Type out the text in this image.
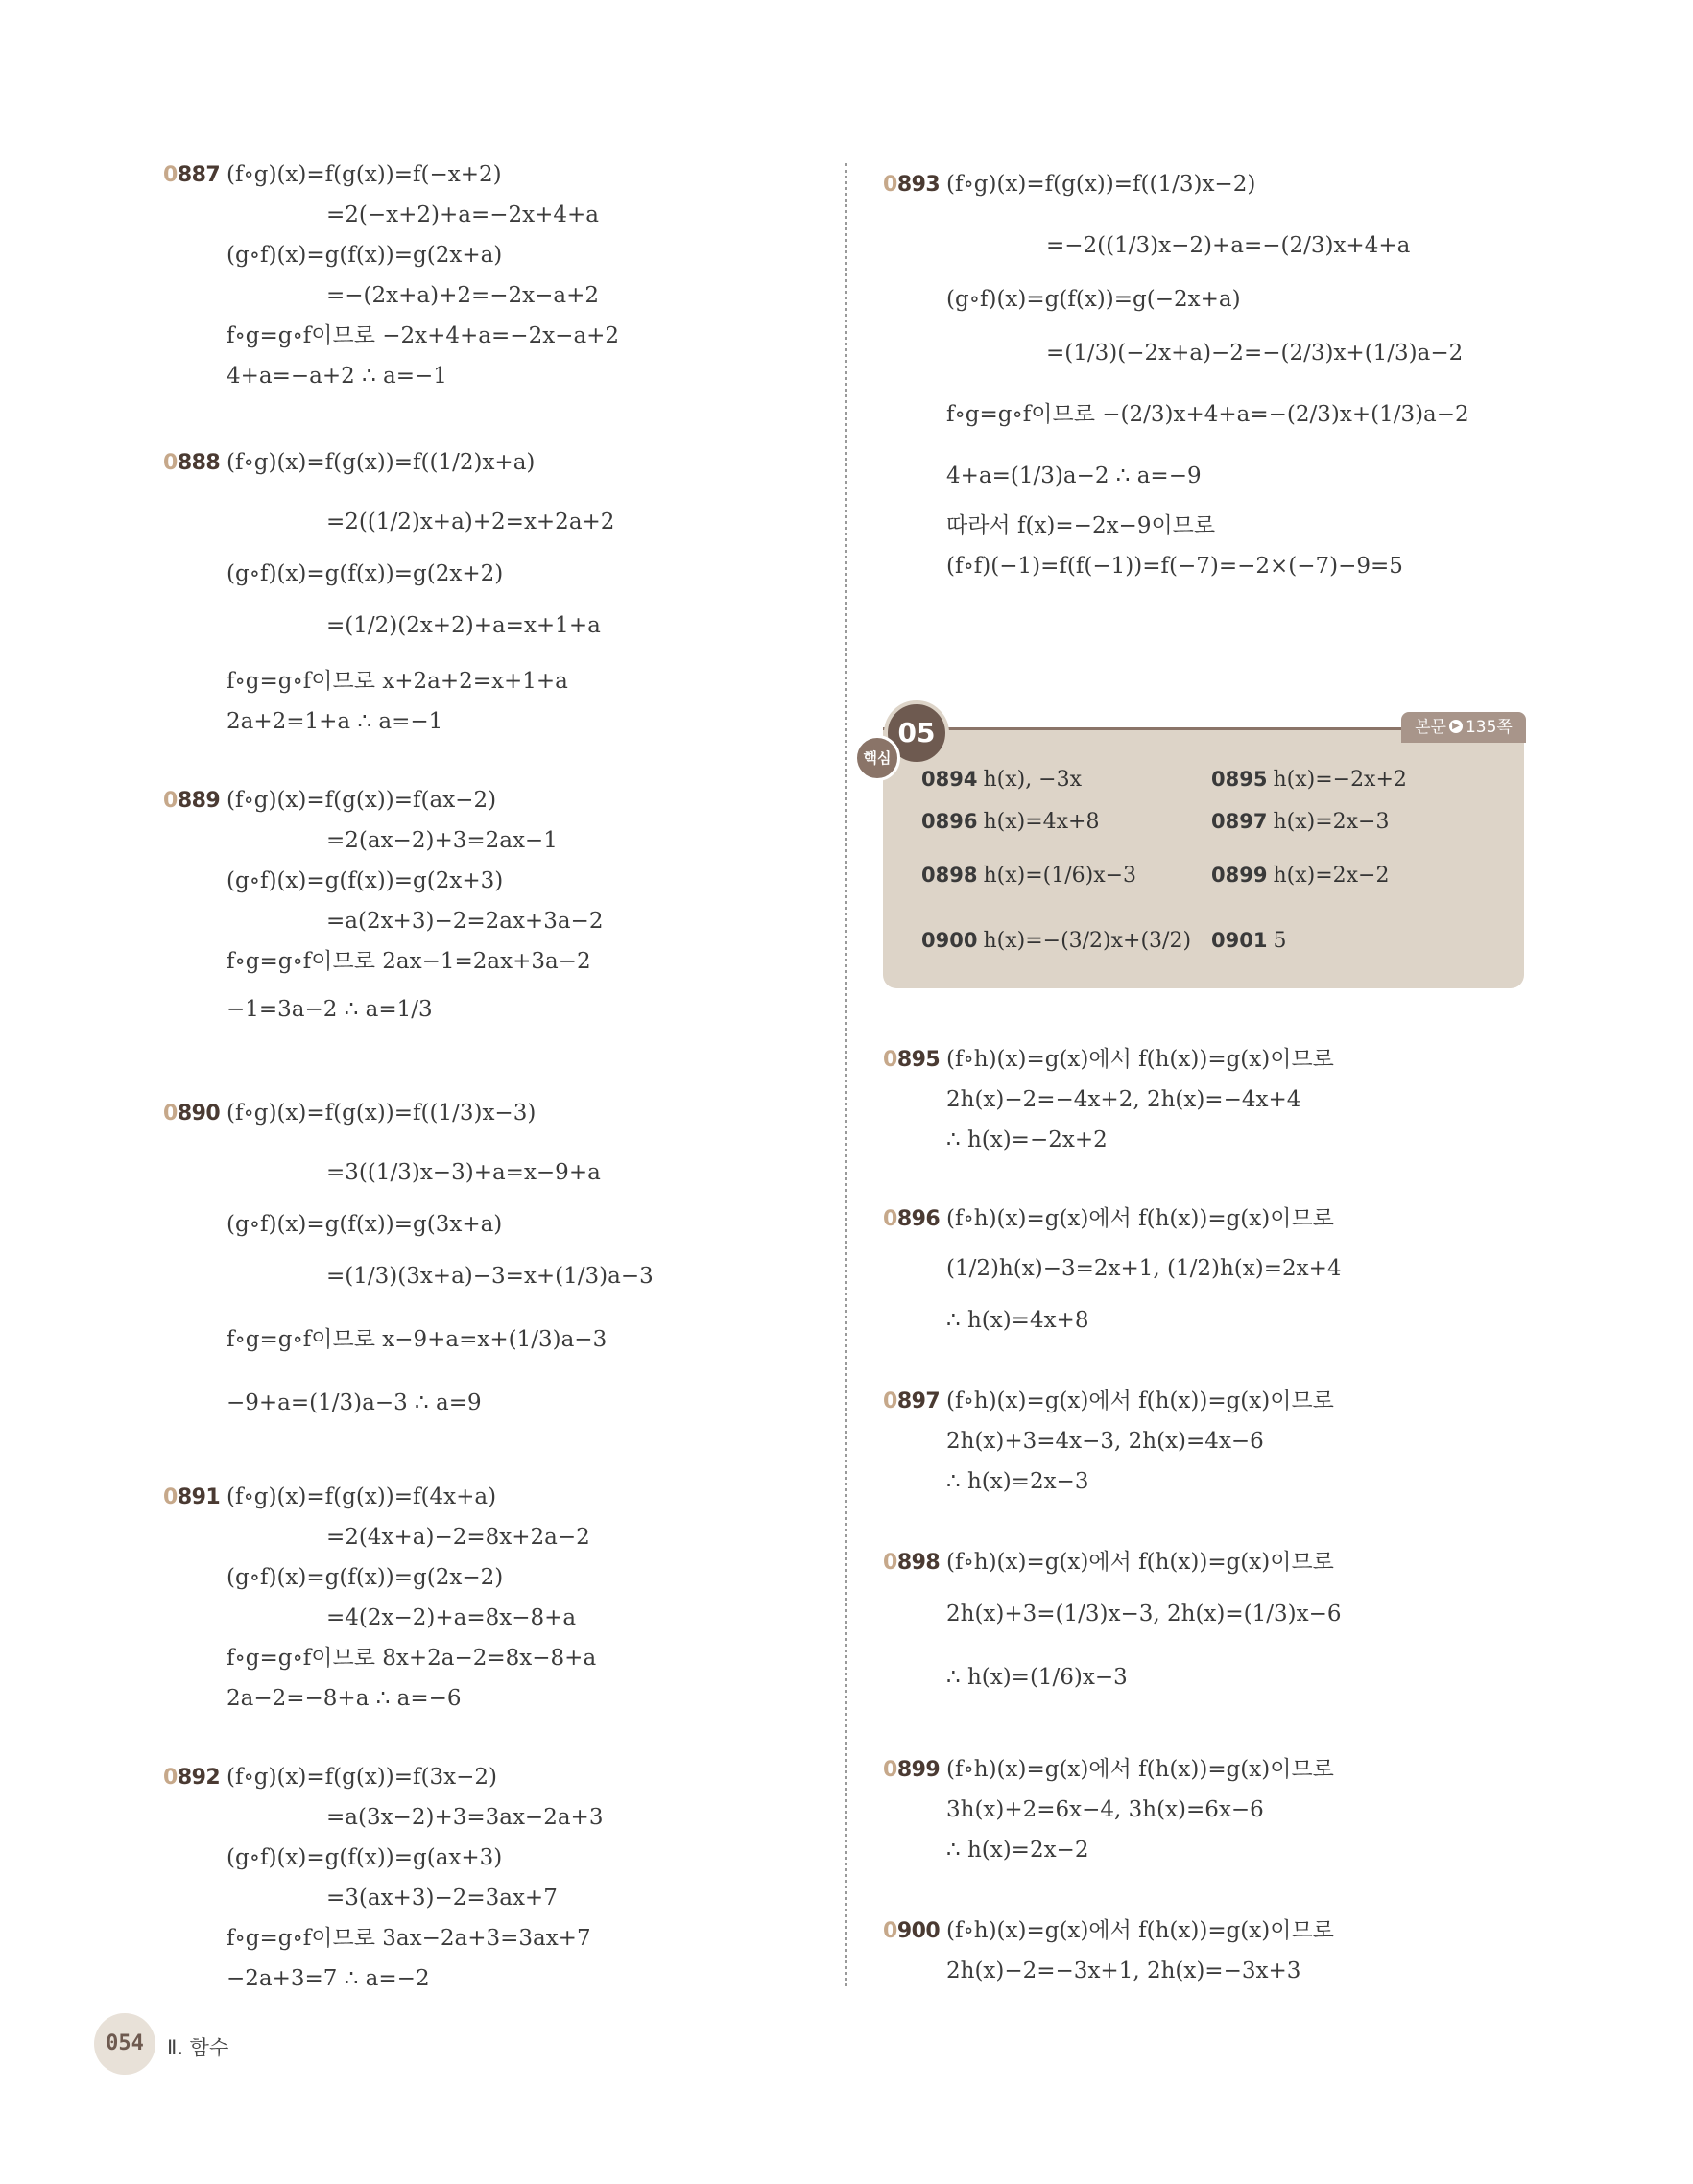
0887 (f∘g)(x)=f(g(x))=f(−x+2)
=2(−x+2)+a=−2x+4+a
(g∘f)(x)=g(f(x))=g(2x+a)
=−(2x+a)+2=−2x−a+2
f∘g=g∘f이므로 −2x+4+a=−2x−a+2
4+a=−a+2 ∴ a=−1
0888 (f∘g)(x)=f(g(x))=f((1/2)x+a)
=2((1/2)x+a)+2=x+2a+2
(g∘f)(x)=g(f(x))=g(2x+2)
=(1/2)(2x+2)+a=x+1+a
f∘g=g∘f이므로 x+2a+2=x+1+a
2a+2=1+a ∴ a=−1
0889 (f∘g)(x)=f(g(x))=f(ax−2)
=2(ax−2)+3=2ax−1
(g∘f)(x)=g(f(x))=g(2x+3)
=a(2x+3)−2=2ax+3a−2
f∘g=g∘f이므로 2ax−1=2ax+3a−2
−1=3a−2 ∴ a=1/3
0890 (f∘g)(x)=f(g(x))=f((1/3)x−3)
=3((1/3)x−3)+a=x−9+a
(g∘f)(x)=g(f(x))=g(3x+a)
=(1/3)(3x+a)−3=x+(1/3)a−3
f∘g=g∘f이므로 x−9+a=x+(1/3)a−3
−9+a=(1/3)a−3 ∴ a=9
0891 (f∘g)(x)=f(g(x))=f(4x+a)
=2(4x+a)−2=8x+2a−2
(g∘f)(x)=g(f(x))=g(2x−2)
=4(2x−2)+a=8x−8+a
f∘g=g∘f이므로 8x+2a−2=8x−8+a
2a−2=−8+a ∴ a=−6
0892 (f∘g)(x)=f(g(x))=f(3x−2)
=a(3x−2)+3=3ax−2a+3
(g∘f)(x)=g(f(x))=g(ax+3)
=3(ax+3)−2=3ax+7
f∘g=g∘f이므로 3ax−2a+3=3ax+7
−2a+3=7 ∴ a=−2
0893 (f∘g)(x)=f(g(x))=f((1/3)x−2)
=−2((1/3)x−2)+a=−(2/3)x+4+a
(g∘f)(x)=g(f(x))=g(−2x+a)
=(1/3)(−2x+a)−2=−(2/3)x+(1/3)a−2
f∘g=g∘f이므로 −(2/3)x+4+a=−(2/3)x+(1/3)a−2
4+a=(1/3)a−2 ∴ a=−9
따라서 f(x)=−2x−9이므로
(f∘f)(−1)=f(f(−1))=f(−7)=−2×(−7)−9=5
0894 h(x), −3x	0895 h(x)=−2x+2
0896 h(x)=4x+8	0897 h(x)=2x−3
0898 h(x)=(1/6)x−3	0899 h(x)=2x−2
0900 h(x)=−(3/2)x+(3/2) 0901 5
05
핵심
본문 ▶ 135쪽
0895 (f∘h)(x)=g(x)에서 f(h(x))=g(x)이므로
2h(x)−2=−4x+2, 2h(x)=−4x+4
∴ h(x)=−2x+2
0896 (f∘h)(x)=g(x)에서 f(h(x))=g(x)이므로
(1/2)h(x)−3=2x+1, (1/2)h(x)=2x+4
∴ h(x)=4x+8
0897 (f∘h)(x)=g(x)에서 f(h(x))=g(x)이므로
2h(x)+3=4x−3, 2h(x)=4x−6
∴ h(x)=2x−3
0898 (f∘h)(x)=g(x)에서 f(h(x))=g(x)이므로
2h(x)+3=(1/3)x−3, 2h(x)=(1/3)x−6
∴ h(x)=(1/6)x−3
0899 (f∘h)(x)=g(x)에서 f(h(x))=g(x)이므로
3h(x)+2=6x−4, 3h(x)=6x−6
∴ h(x)=2x−2
0900 (f∘h)(x)=g(x)에서 f(h(x))=g(x)이므로
2h(x)−2=−3x+1, 2h(x)=−3x+3
054	Ⅱ. 함수
